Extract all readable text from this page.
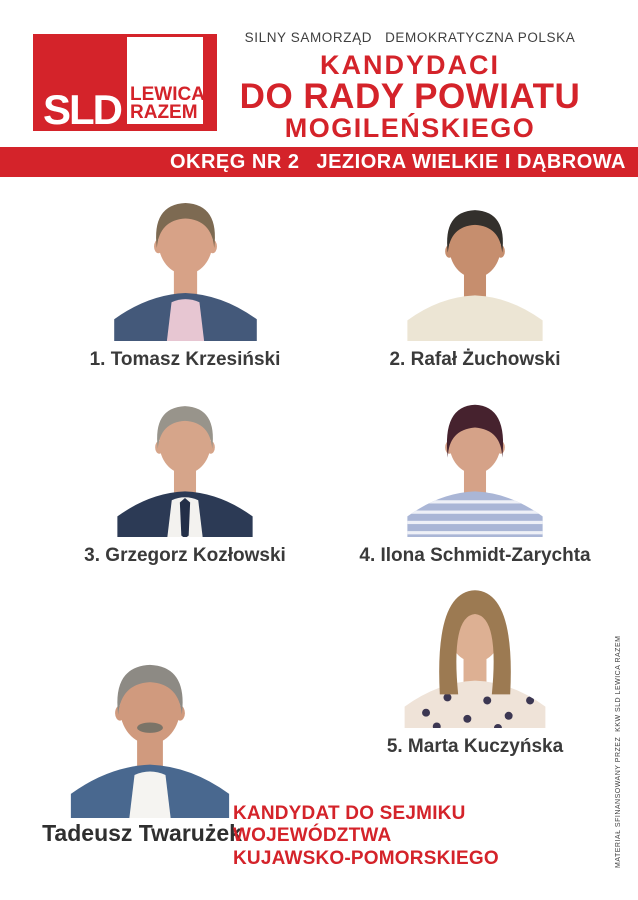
SLD LEWICA
RAZEM
SILNY SAMORZĄD DEMOKRATYCZNA POLSKA
KANDYDACI
DO RADY POWIATU
MOGILEŃSKIEGO
OKRĘG NR 2 JEZIORA WIELKIE I DĄBROWA
1. Tomasz Krzesiński	2. Rafał Żuchowski
3. Grzegorz Kozłowski	4. Ilona Schmidt-Zarychta
5. Marta Kuczyńska
Tadeusz Twarużek
KANDYDAT DO SEJMIKU WOJEWÓDZTWA
KUJAWSKO-POMORSKIEGO	MATERIAŁ SFINANSOWANY PRZEZ  KKW SLD LEWICA RAZEM
